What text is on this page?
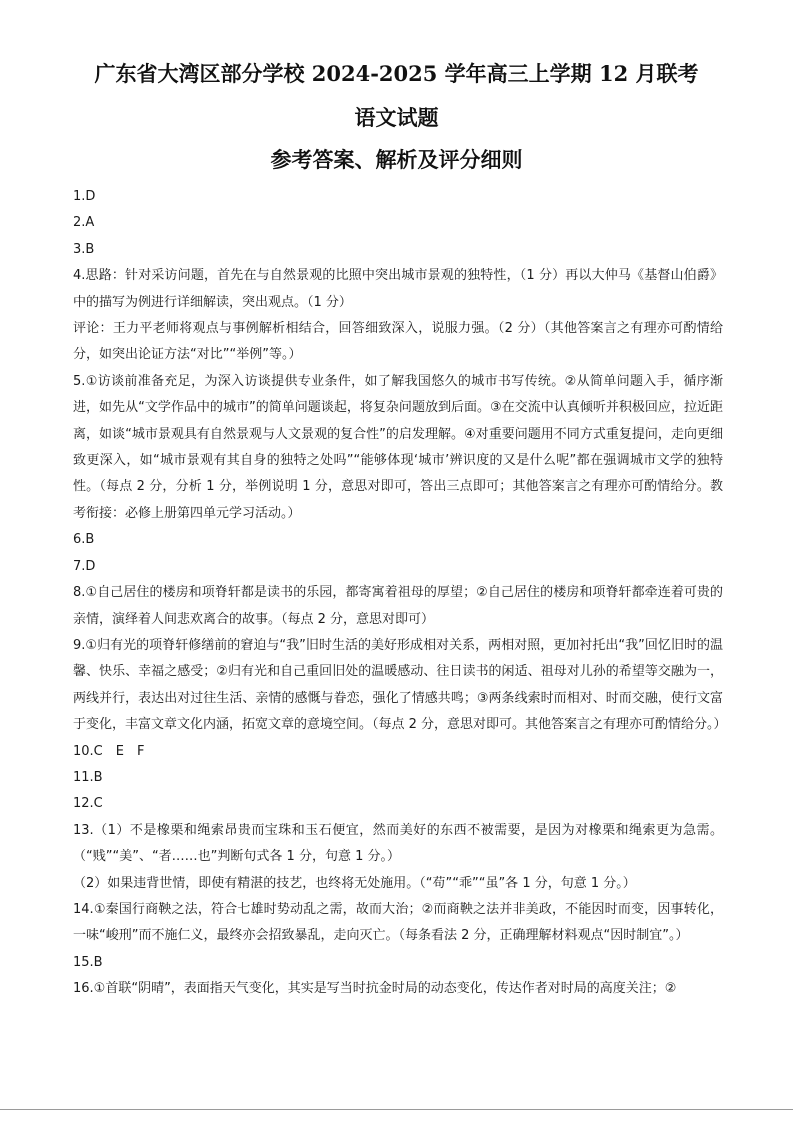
广东省大湾区部分学校 2024-2025 学年高三上学期 12 月联考
语文试题
参考答案、解析及评分细则

1.D

2.A

3.B

4.思路：针对采访问题，首先在与自然景观的比照中突出城市景观的独特性，（1 分）再以大仲马《基督山伯爵》中的描写为例进行详细解读，突出观点。（1 分）

评论：王力平老师将观点与事例解析相结合，回答细致深入，说服力强。（2 分）（其他答案言之有理亦可酌情给分，如突出论证方法“对比”“举例”等。）

5.①访谈前准备充足，为深入访谈提供专业条件，如了解我国悠久的城市书写传统。②从简单问题入手，循序渐进，如先从“文学作品中的城市”的简单问题谈起，将复杂问题放到后面。③在交流中认真倾听并积极回应，拉近距离，如谈“城市景观具有自然景观与人文景观的复合性”的启发理解。④对重要问题用不同方式重复提问，走向更细致更深入，如“城市景观有其自身的独特之处吗”“能够体现‘城市’辨识度的又是什么呢”都在强调城市文学的独特性。（每点 2 分，分析 1 分，举例说明 1 分，意思对即可，答出三点即可；其他答案言之有理亦可酌情给分。教考衔接：必修上册第四单元学习活动。）

6.B

7.D

8.①自己居住的楼房和项脊轩都是读书的乐园，都寄寓着祖母的厚望；②自己居住的楼房和项脊轩都牵连着可贵的亲情，演绎着人间悲欢离合的故事。（每点 2 分，意思对即可）

9.①归有光的项脊轩修缮前的窘迫与“我”旧时生活的美好形成相对关系，两相对照，更加衬托出“我”回忆旧时的温馨、快乐、幸福之感受；②归有光和自己重回旧处的温暖感动、往日读书的闲适、祖母对儿孙的希望等交融为一，两线并行，表达出对过往生活、亲情的感慨与眷恋，强化了情感共鸣；③两条线索时而相对、时而交融，使行文富于变化，丰富文章文化内涵，拓宽文章的意境空间。（每点 2 分，意思对即可。其他答案言之有理亦可酌情给分。）

10.C　E　F

11.B

12.C

13.（1）不是橡栗和绳索昂贵而宝珠和玉石便宜，然而美好的东西不被需要，是因为对橡栗和绳索更为急需。（“贱”“美”、“者……也”判断句式各 1 分，句意 1 分。）

（2）如果违背世情，即使有精湛的技艺，也终将无处施用。（“苟”“乖”“虽”各 1 分，句意 1 分。）

14.①秦国行商鞅之法，符合七雄时势动乱之需，故而大治；②而商鞅之法并非美政，不能因时而变，因事转化，一味“峻刑”而不施仁义，最终亦会招致暴乱，走向灭亡。（每条看法 2 分，正确理解材料观点“因时制宜”。）

15.B

16.①首联“阴晴”，表面指天气变化，其实是写当时抗金时局的动态变化，传达作者对时局的高度关注；②
